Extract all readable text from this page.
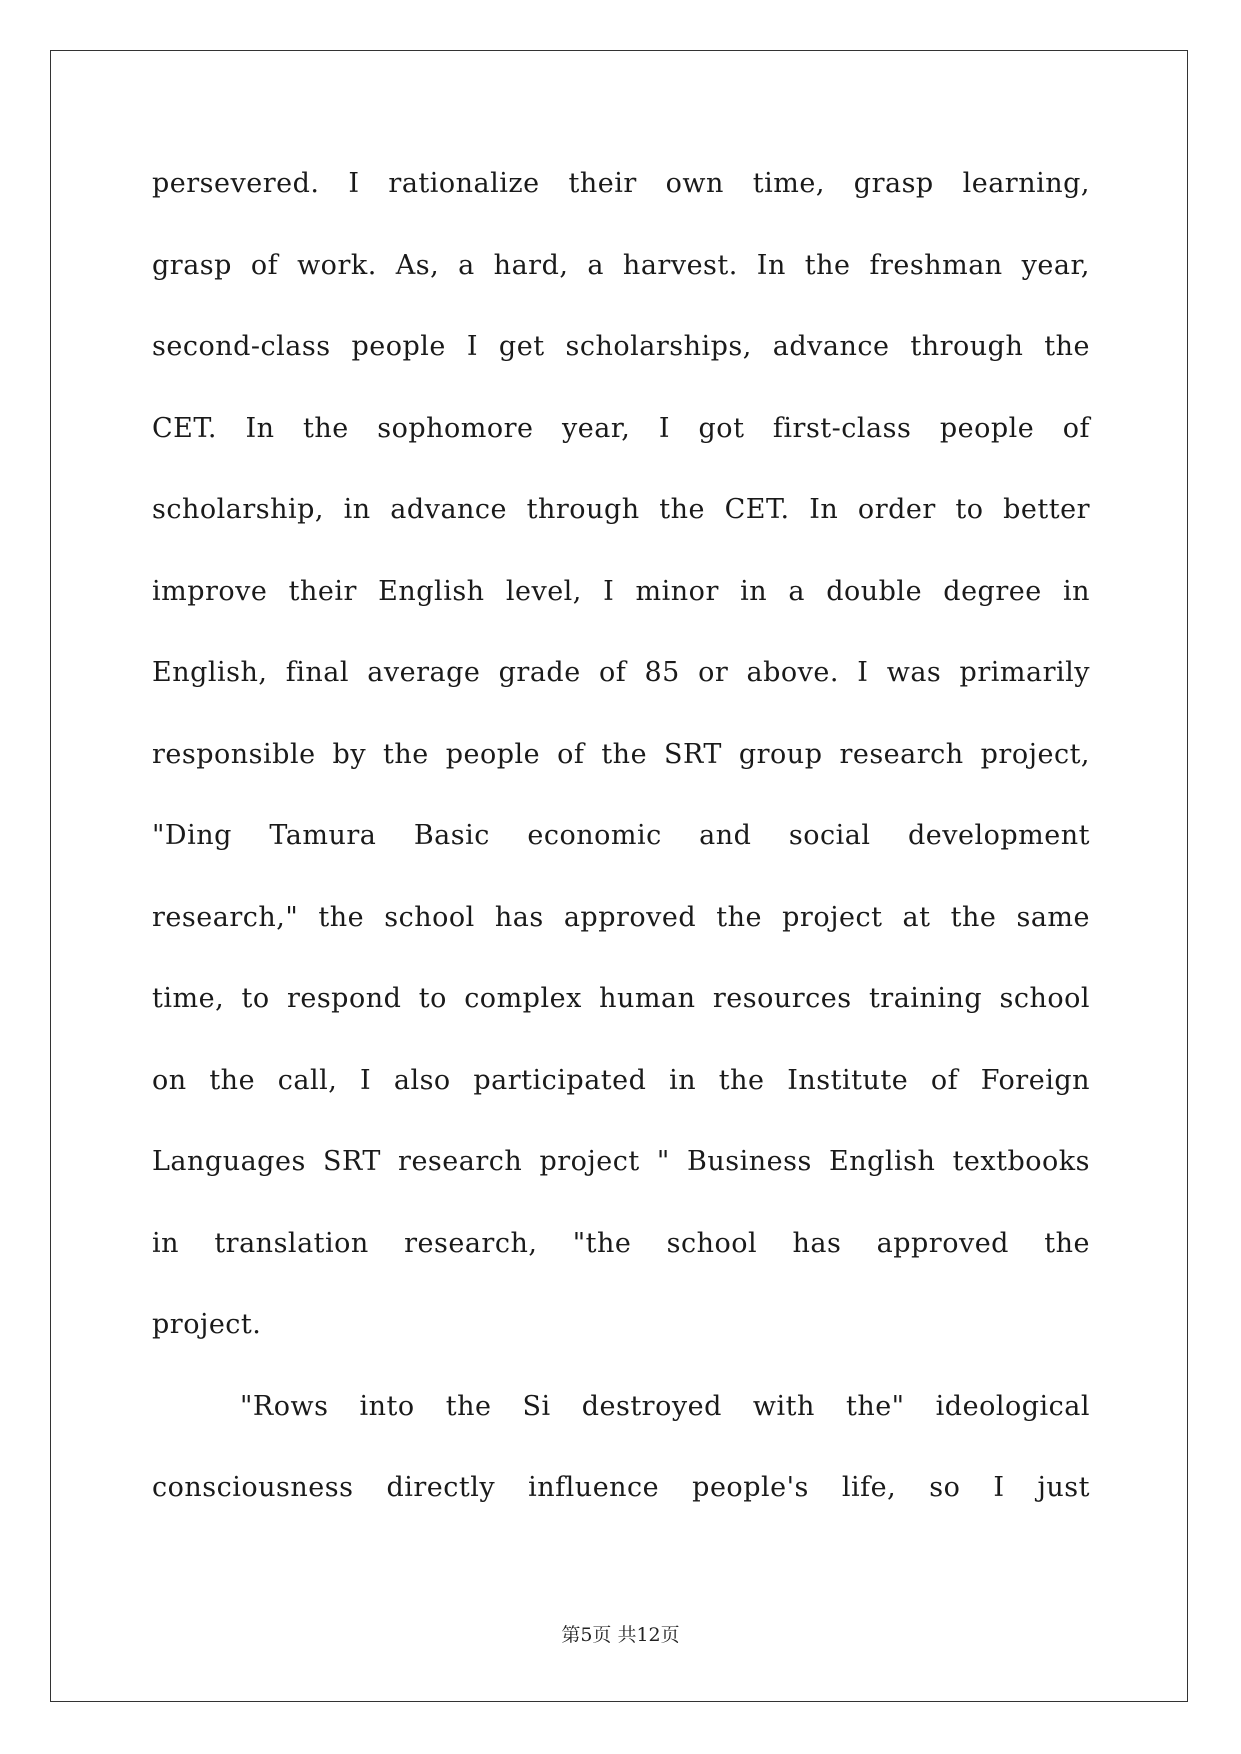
persevered. I rationalize their own time, grasp learning,
grasp of work. As, a hard, a harvest. In the freshman year,
second-class people I get scholarships, advance through the
CET. In the sophomore year, I got first-class people of
scholarship, in advance through the CET. In order to better
improve their English level, I minor in a double degree in
English, final average grade of 85 or above. I was primarily
responsible by the people of the SRT group research project,
"Ding Tamura Basic economic and social development
research," the school has approved the project at the same
time, to respond to complex human resources training school
on the call, I also participated in the Institute of Foreign
Languages SRT research project " Business English textbooks
in translation research, "the school has approved the
project.
"Rows into the Si destroyed with the" ideological
consciousness directly influence people's life, so I just
第5页 共12页
